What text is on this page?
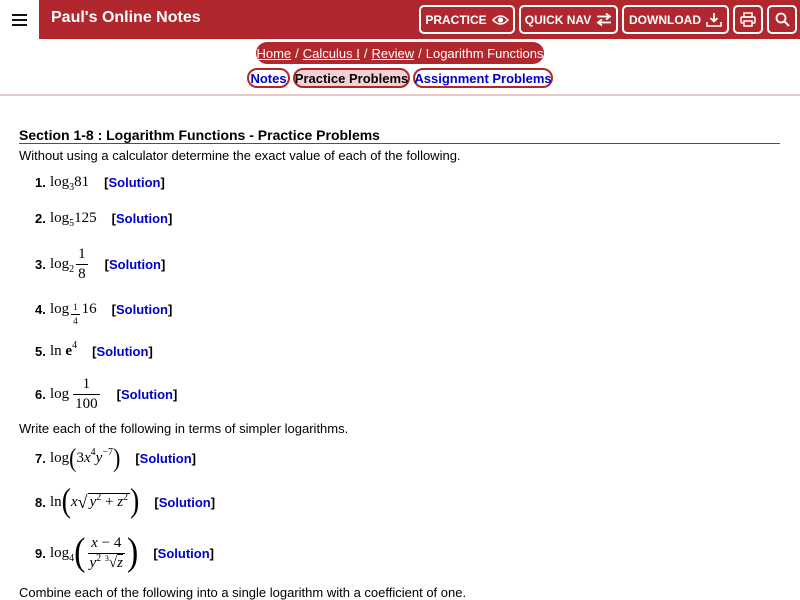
Paul's Online Notes	PRACTICE	QUICK NAV	DOWNLOAD
Home / Calculus I / Review / Logarithm Functions
Notes Practice Problems Assignment Problems
Section 1-8 : Logarithm Functions - Practice Problems
Without using a calculator determine the exact value of each of the following.
1. log 3 81 [Solution]
2. log 5 125 [Solution]
3. $\log 2 \frac{1}{8}$ [Solution]
4. $\log \frac{1}{4} 16$ [Solution]
5. ln
e 4 [Solution]
6. $\log \frac{1}{100}$ [Solution]
Write each of the following in terms of simpler logarithms.
7. log ( 3 x 4 y −7 ) [Solution]
8. ln ( x √ $y^2 + z^2$ ) [Solution]
9. log 4 ( $\frac{x - 4}{y^2 ^3√z}$ ) [Solution]
Combine each of the following into a single logarithm with a coefficient of one.
